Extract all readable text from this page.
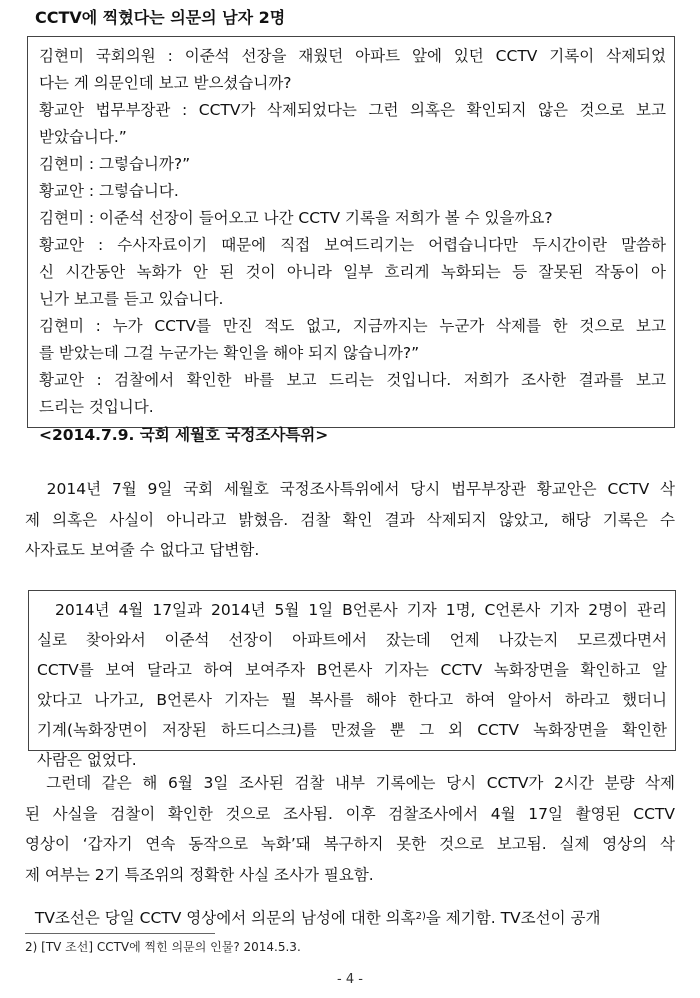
CCTV에 찍혔다는 의문의 남자 2명
김현미 국회의원 : 이준석 선장을 재웠던 아파트 앞에 있던 CCTV 기록이 삭제되었
다는 게 의문인데 보고 받으셨습니까?
황교안 법무부장관 : CCTV가 삭제되었다는 그런 의혹은 확인되지 않은 것으로 보고
받았습니다.”
김현미 : 그렇습니까?”
황교안 : 그렇습니다.
김현미 : 이준석 선장이 들어오고 나간 CCTV 기록을 저희가 볼 수 있을까요?
황교안 : 수사자료이기 때문에 직접 보여드리기는 어렵습니다만 두시간이란 말씀하
신 시간동안 녹화가 안 된 것이 아니라 일부 흐리게 녹화되는 등 잘못된 작동이 아
닌가 보고를 듣고 있습니다.
김현미 : 누가 CCTV를 만진 적도 없고, 지금까지는 누군가 삭제를 한 것으로 보고
를 받았는데 그걸 누군가는 확인을 해야 되지 않습니까?”
황교안 : 검찰에서 확인한 바를 보고 드리는 것입니다. 저희가 조사한 결과를 보고
드리는 것입니다.
<2014.7.9. 국회 세월호 국정조사특위>
2014년 7월 9일 국회 세월호 국정조사특위에서 당시 법무부장관 황교안은 CCTV 삭
제 의혹은 사실이 아니라고 밝혔음. 검찰 확인 결과 삭제되지 않았고, 해당 기록은 수
사자료도 보여줄 수 없다고 답변함.
2014년 4월 17일과 2014년 5월 1일 B언론사 기자 1명, C언론사 기자 2명이 관리
실로 찾아와서 이준석 선장이 아파트에서 잤는데 언제 나갔는지 모르겠다면서
CCTV를 보여 달라고 하여 보여주자 B언론사 기자는 CCTV 녹화장면을 확인하고 알
았다고 나가고, B언론사 기자는 뭘 복사를 해야 한다고 하여 알아서 하라고 했더니
기계(녹화장면이 저장된 하드디스크)를 만졌을 뿐 그 외 CCTV 녹화장면을 확인한
사람은 없었다.
그런데 같은 해 6월 3일 조사된 검찰 내부 기록에는 당시 CCTV가 2시간 분량 삭제
된 사실을 검찰이 확인한 것으로 조사됨. 이후 검찰조사에서 4월 17일 촬영된 CCTV
영상이 ‘갑자기 연속 동작으로 녹화’돼 복구하지 못한 것으로 보고됨. 실제 영상의 삭
제 여부는 2기 특조위의 정확한 사실 조사가 필요함.
TV조선은 당일 CCTV 영상에서 의문의 남성에 대한 의혹$^{2)}$을 제기함. TV조선이 공개
2) [TV 조선] CCTV에 찍힌 의문의 인물? 2014.5.3.
- 4 -
